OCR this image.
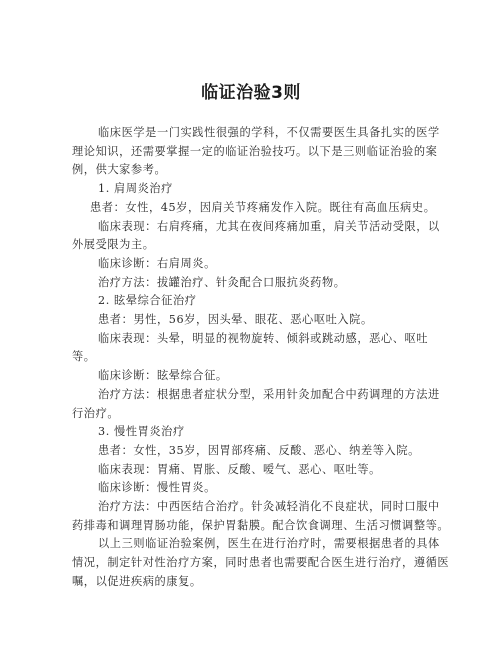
临证治验3则

临床医学是一门实践性很强的学科，不仅需要医生具备扎实的医学理论知识，还需要掌握一定的临证治验技巧。以下是三则临证治验的案例，供大家参考。

1. 肩周炎治疗

患者：女性，45岁，因肩关节疼痛发作入院。既往有高血压病史。

临床表现：右肩疼痛，尤其在夜间疼痛加重，肩关节活动受限，以外展受限为主。

临床诊断：右肩周炎。

治疗方法：拔罐治疗、针灸配合口服抗炎药物。

2. 眩晕综合征治疗

患者：男性，56岁，因头晕、眼花、恶心呕吐入院。

临床表现：头晕，明显的视物旋转、倾斜或跳动感，恶心、呕吐等。

临床诊断：眩晕综合征。

治疗方法：根据患者症状分型，采用针灸加配合中药调理的方法进行治疗。

3. 慢性胃炎治疗

患者：女性，35岁，因胃部疼痛、反酸、恶心、纳差等入院。

临床表现：胃痛、胃胀、反酸、嗳气、恶心、呕吐等。

临床诊断：慢性胃炎。

治疗方法：中西医结合治疗。针灸减轻消化不良症状，同时口服中药排毒和调理胃肠功能，保护胃黏膜。配合饮食调理、生活习惯调整等。

以上三则临证治验案例，医生在进行治疗时，需要根据患者的具体情况，制定针对性治疗方案，同时患者也需要配合医生进行治疗，遵循医嘱，以促进疾病的康复。
